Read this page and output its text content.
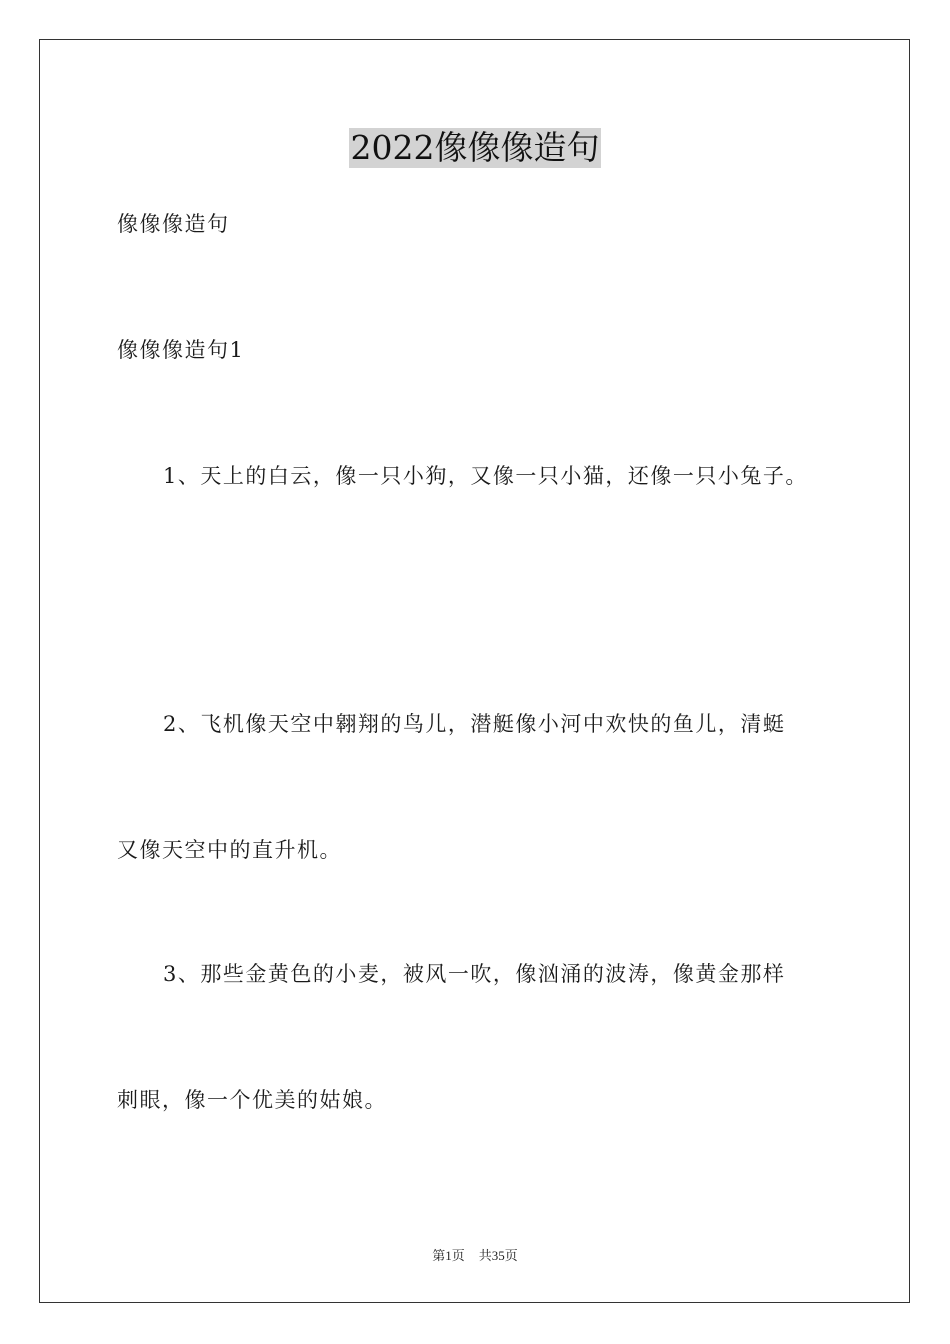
2022像像像造句
像像像造句
像像像造句1
1、天上的白云，像一只小狗，又像一只小猫，还像一只小兔子。
2、飞机像天空中翱翔的鸟儿，潜艇像小河中欢快的鱼儿，清蜓
又像天空中的直升机。
3、那些金黄色的小麦，被风一吹，像汹涌的波涛，像黄金那样
刺眼，像一个优美的姑娘。
第1页 共35页
